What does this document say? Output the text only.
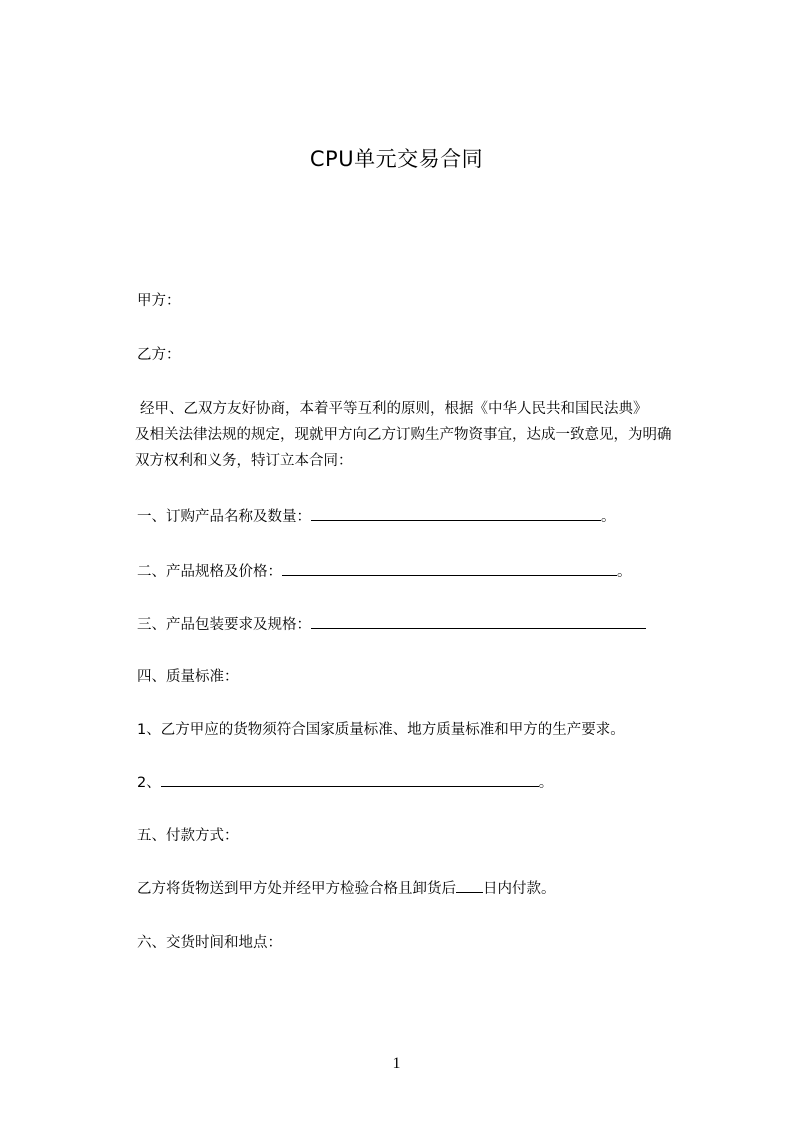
CPU单元交易合同
甲方：
乙方：
经甲、乙双方友好协商，本着平等互利的原则，根据《中华人民共和国民法典》
及相关法律法规的规定，现就甲方向乙方订购生产物资事宜，达成一致意见，为明确
双方权利和义务，特订立本合同：
一、订购产品名称及数量：	。
二、产品规格及价格：	。
三、产品包装要求及规格：
四、质量标准：
1、乙方甲应的货物须符合国家质量标准、地方质量标准和甲方的生产要求。
2、	。
五、付款方式：
乙方将货物送到甲方处并经甲方检验合格且卸货后 日内付款。
六、交货时间和地点：
1
